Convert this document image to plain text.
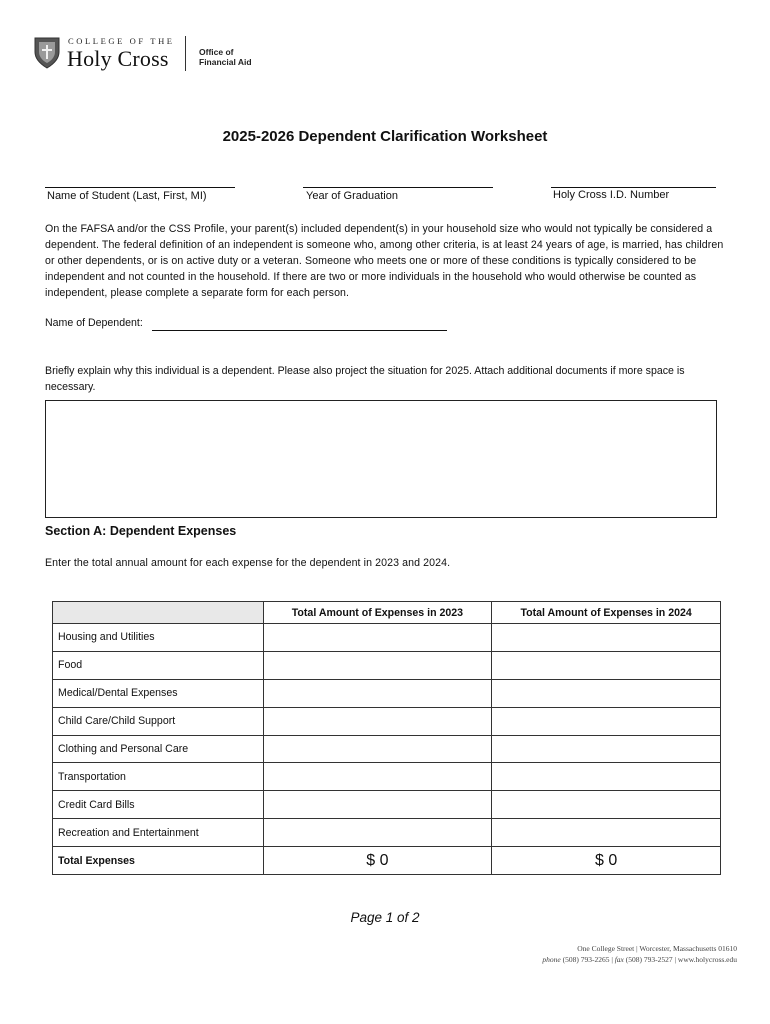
COLLEGE OF THE
Holy Cross	Office of
Financial Aid
2025-2026 Dependent Clarification Worksheet
Name of Student (Last, First, MI)	Year of Graduation	Holy Cross I.D. Number
On the FAFSA and/or the CSS Profile, your parent(s) included dependent(s) in your household size who would not typically be considered a dependent. The federal definition of an independent is someone who, among other criteria, is at least 24 years of age, is married, has children or other dependents, or is on active duty or a veteran. Someone who meets one or more of these conditions is typically considered to be independent and not counted in the household. If there are two or more individuals in the household who would otherwise be counted as independent, please complete a separate form for each person.
Name of Dependent:
Briefly explain why this individual is a dependent. Please also project the situation for 2025. Attach additional documents if more space is necessary.
Section A: Dependent Expenses
Enter the total annual amount for each expense for the dependent in 2023 and 2024.
	Total Amount of Expenses in 2023	Total Amount of Expenses in 2024
Housing and Utilities		
Food		
Medical/Dental Expenses		
Child Care/Child Support		
Clothing and Personal Care		
Transportation		
Credit Card Bills		
Recreation and Entertainment		
Total Expenses	$ 0	$ 0
Page 1 of 2
One College Street | Worcester, Massachusetts 01610
phone (508) 793-2265 | fax (508) 793-2527 | www.holycross.edu
